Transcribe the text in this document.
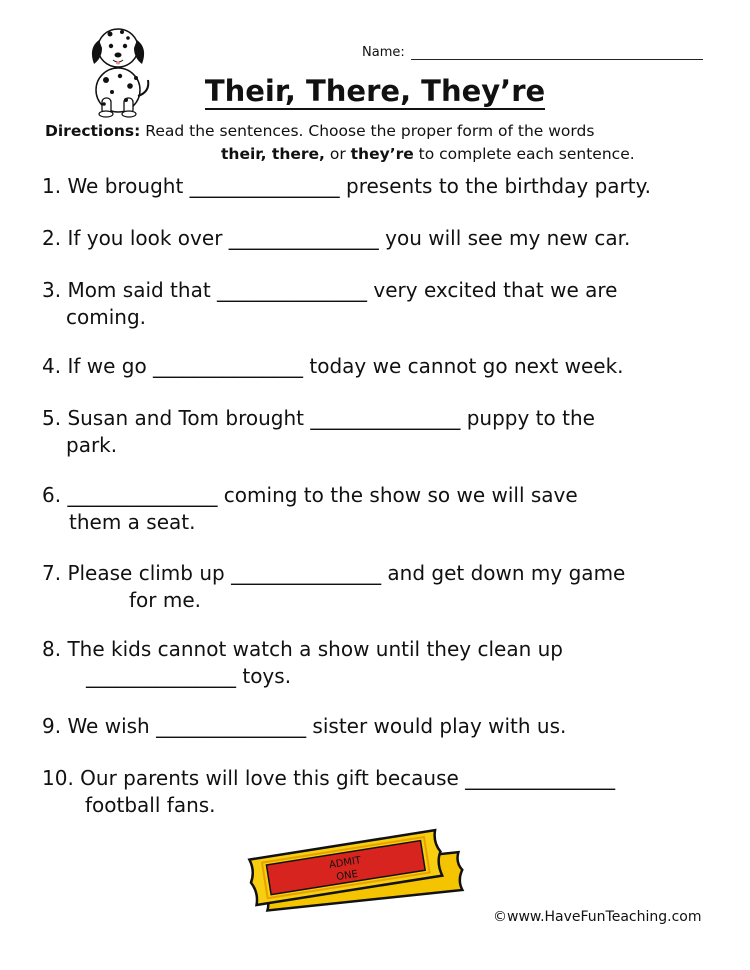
Name:
Their, There, They’re
Directions: Read the sentences. Choose the proper form of the words
their, there, or they’re to complete each sentence.
1. We brought _______________ presents to the birthday party.
2. If you look over _______________ you will see my new car.
3. Mom said that _______________ very excited that we are
coming.
4. If we go _______________ today we cannot go next week.
5. Susan and Tom brought _______________ puppy to the
park.
6. _______________ coming to the show so we will save
them a seat.
7. Please climb up _______________ and get down my game
for me.
8. The kids cannot watch a show until they clean up
_______________ toys.
9. We wish _______________ sister would play with us.
10. Our parents will love this gift because _______________
football fans.
ADMIT
ONE
©www.HaveFunTeaching.com
